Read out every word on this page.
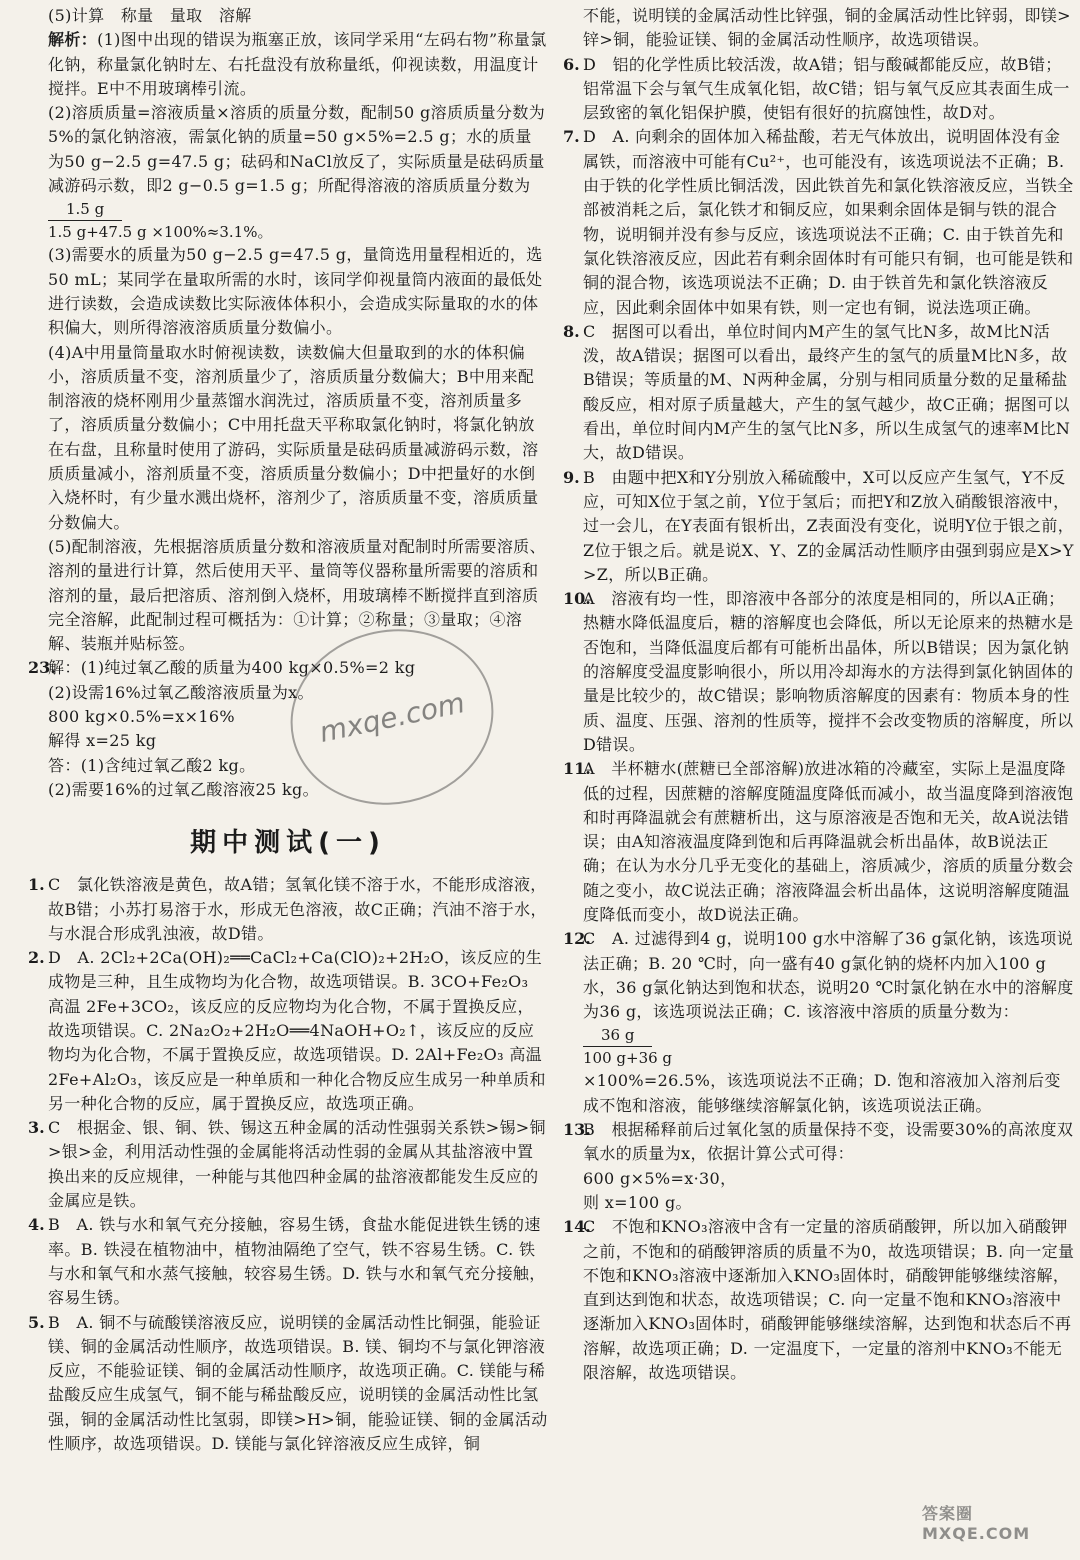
(5)计算　称量　量取　溶解

解析：(1)图中出现的错误为瓶塞正放，该同学采用“左码右物”称量氯化钠，称量氯化钠时左、右托盘没有放称量纸，仰视读数，用温度计搅拌。E中不用玻璃棒引流。

(2)溶质质量=溶液质量×溶质的质量分数，配制50 g溶质质量分数为5%的氯化钠溶液，需氯化钠的质量=50 g×5%=2.5 g；水的质量为50 g−2.5 g=47.5 g；砝码和NaCl放反了，实际质量是砝码质量减游码示数，即2 g−0.5 g=1.5 g；所配得溶液的溶质质量分数为

1.5 g
1.5 g+47.5 g ×100%≈3.1%。

(3)需要水的质量为50 g−2.5 g=47.5 g，量筒选用量程相近的，选50 mL；某同学在量取所需的水时，该同学仰视量筒内液面的最低处进行读数，会造成读数比实际液体体积小，会造成实际量取的水的体积偏大，则所得溶液溶质质量分数偏小。

(4)A中用量筒量取水时俯视读数，读数偏大但量取到的水的体积偏小，溶质质量不变，溶剂质量少了，溶质质量分数偏大；B中用来配制溶液的烧杯刚用少量蒸馏水润洗过，溶质质量不变，溶剂质量多了，溶质质量分数偏小；C中用托盘天平称取氯化钠时，将氯化钠放在右盘，且称量时使用了游码，实际质量是砝码质量减游码示数，溶质质量减小，溶剂质量不变，溶质质量分数偏小；D中把量好的水倒入烧杯时，有少量水溅出烧杯，溶剂少了，溶质质量不变，溶质质量分数偏大。

(5)配制溶液，先根据溶质质量分数和溶液质量对配制时所需要溶质、溶剂的量进行计算，然后使用天平、量筒等仪器称量所需要的溶质和溶剂的量，最后把溶质、溶剂倒入烧杯，用玻璃棒不断搅拌直到溶质完全溶解，此配制过程可概括为：①计算；②称量；③量取；④溶解、装瓶并贴标签。

23.

解：(1)纯过氧乙酸的质量为400 kg×0.5%=2 kg

(2)设需16%过氧乙酸溶液质量为x。

800 kg×0.5%=x×16%

解得 x=25 kg

答：(1)含纯过氧乙酸2 kg。

(2)需要16%的过氧乙酸溶液25 kg。

期中测试(一)
1. C　氯化铁溶液是黄色，故A错；氢氧化镁不溶于水，不能形成溶液，故B错；小苏打易溶于水，形成无色溶液，故C正确；汽油不溶于水，与水混合形成乳浊液，故D错。

2. D　A. 2Cl₂+2Ca(OH)₂══CaCl₂+Ca(ClO)₂+2H₂O，该反应的生成物是三种，且生成物均为化合物，故选项错误。B. 3CO+Fe₂O₃ 高温 2Fe+3CO₂，该反应的反应物均为化合物，不属于置换反应，故选项错误。C. 2Na₂O₂+2H₂O══4NaOH+O₂↑，该反应的反应物均为化合物，不属于置换反应，故选项错误。D. 2Al+Fe₂O₃ 高温 2Fe+Al₂O₃，该反应是一种单质和一种化合物反应生成另一种单质和另一种化合物的反应，属于置换反应，故选项正确。

3. C　根据金、银、铜、铁、锡这五种金属的活动性强弱关系铁>锡>铜>银>金，利用活动性强的金属能将活动性弱的金属从其盐溶液中置换出来的反应规律，一种能与其他四种金属的盐溶液都能发生反应的金属应是铁。

4. B　A. 铁与水和氧气充分接触，容易生锈，食盐水能促进铁生锈的速率。B. 铁浸在植物油中，植物油隔绝了空气，铁不容易生锈。C. 铁与水和氧气和水蒸气接触，较容易生锈。D. 铁与水和氧气充分接触，容易生锈。

5. B　A. 铜不与硫酸镁溶液反应，说明镁的金属活动性比铜强，能验证镁、铜的金属活动性顺序，故选项错误。B. 镁、铜均不与氯化钾溶液反应，不能验证镁、铜的金属活动性顺序，故选项正确。C. 镁能与稀盐酸反应生成氢气，铜不能与稀盐酸反应，说明镁的金属活动性比氢强，铜的金属活动性比氢弱，即镁>H>铜，能验证镁、铜的金属活动性顺序，故选项错误。D. 镁能与氯化锌溶液反应生成锌，铜

不能，说明镁的金属活动性比锌强，铜的金属活动性比锌弱，即镁>锌>铜，能验证镁、铜的金属活动性顺序，故选项错误。

6. D　铝的化学性质比较活泼，故A错；铝与酸碱都能反应，故B错；铝常温下会与氧气生成氧化铝，故C错；铝与氧气反应其表面生成一层致密的氧化铝保护膜，使铝有很好的抗腐蚀性，故D对。

7. D　A. 向剩余的固体加入稀盐酸，若无气体放出，说明固体没有金属铁，而溶液中可能有Cu²⁺，也可能没有，该选项说法不正确；B. 由于铁的化学性质比铜活泼，因此铁首先和氯化铁溶液反应，当铁全部被消耗之后，氯化铁才和铜反应，如果剩余固体是铜与铁的混合物，说明铜并没有参与反应，该选项说法不正确；C. 由于铁首先和氯化铁溶液反应，因此若有剩余固体时有可能只有铜，也可能是铁和铜的混合物，该选项说法不正确；D. 由于铁首先和氯化铁溶液反应，因此剩余固体中如果有铁，则一定也有铜，说法选项正确。

8. C　据图可以看出，单位时间内M产生的氢气比N多，故M比N活泼，故A错误；据图可以看出，最终产生的氢气的质量M比N多，故B错误；等质量的M、N两种金属，分别与相同质量分数的足量稀盐酸反应，相对原子质量越大，产生的氢气越少，故C正确；据图可以看出，单位时间内M产生的氢气比N多，所以生成氢气的速率M比N大，故D错误。

9. B　由题中把X和Y分别放入稀硫酸中，X可以反应产生氢气，Y不反应，可知X位于氢之前，Y位于氢后；而把Y和Z放入硝酸银溶液中，过一会儿，在Y表面有银析出，Z表面没有变化，说明Y位于银之前，Z位于银之后。就是说X、Y、Z的金属活动性顺序由强到弱应是X>Y>Z，所以B正确。

10.

A　溶液有均一性，即溶液中各部分的浓度是相同的，所以A正确；热糖水降低温度后，糖的溶解度也会降低，所以无论原来的热糖水是否饱和，当降低温度后都有可能析出晶体，所以B错误；因为氯化钠的溶解度受温度影响很小，所以用冷却海水的方法得到氯化钠固体的量是比较少的，故C错误；影响物质溶解度的因素有：物质本身的性质、温度、压强、溶剂的性质等，搅拌不会改变物质的溶解度，所以D错误。

11.

A　半杯糖水(蔗糖已全部溶解)放进冰箱的冷藏室，实际上是温度降低的过程，因蔗糖的溶解度随温度降低而减小，故当温度降到溶液饱和时再降温就会有蔗糖析出，这与原溶液是否饱和无关，故A说法错误；由A知溶液温度降到饱和后再降温就会析出晶体，故B说法正确；在认为水分几乎无变化的基础上，溶质减少，溶质的质量分数会随之变小，故C说法正确；溶液降温会析出晶体，这说明溶解度随温度降低而变小，故D说法正确。

12.

C　A. 过滤得到4 g，说明100 g水中溶解了36 g氯化钠，该选项说法正确；B. 20 ℃时，向一盛有40 g氯化钠的烧杯内加入100 g水，36 g氯化钠达到饱和状态，说明20 ℃时氯化钠在水中的溶解度为36 g，该选项说法正确；C. 该溶液中溶质的质量分数为：

36 g
100 g+36 g

×100%=26.5%，该选项说法不正确；D. 饱和溶液加入溶剂后变成不饱和溶液，能够继续溶解氯化钠，该选项说法正确。

13.

B　根据稀释前后过氧化氢的质量保持不变，设需要30%的高浓度双氧水的质量为x，依据计算公式可得：

600 g×5%=x·30，

则 x=100 g。

14.

C　不饱和KNO₃溶液中含有一定量的溶质硝酸钾，所以加入硝酸钾之前，不饱和的硝酸钾溶质的质量不为0，故选项错误；B. 向一定量不饱和KNO₃溶液中逐渐加入KNO₃固体时，硝酸钾能够继续溶解，直到达到饱和状态，故选项错误；C. 向一定量不饱和KNO₃溶液中逐渐加入KNO₃固体时，硝酸钾能够继续溶解，达到饱和状态后不再溶解，故选项正确；D. 一定温度下，一定量的溶剂中KNO₃不能无限溶解，故选项错误。

mxqe.com
答案圈 MXQE.COM
